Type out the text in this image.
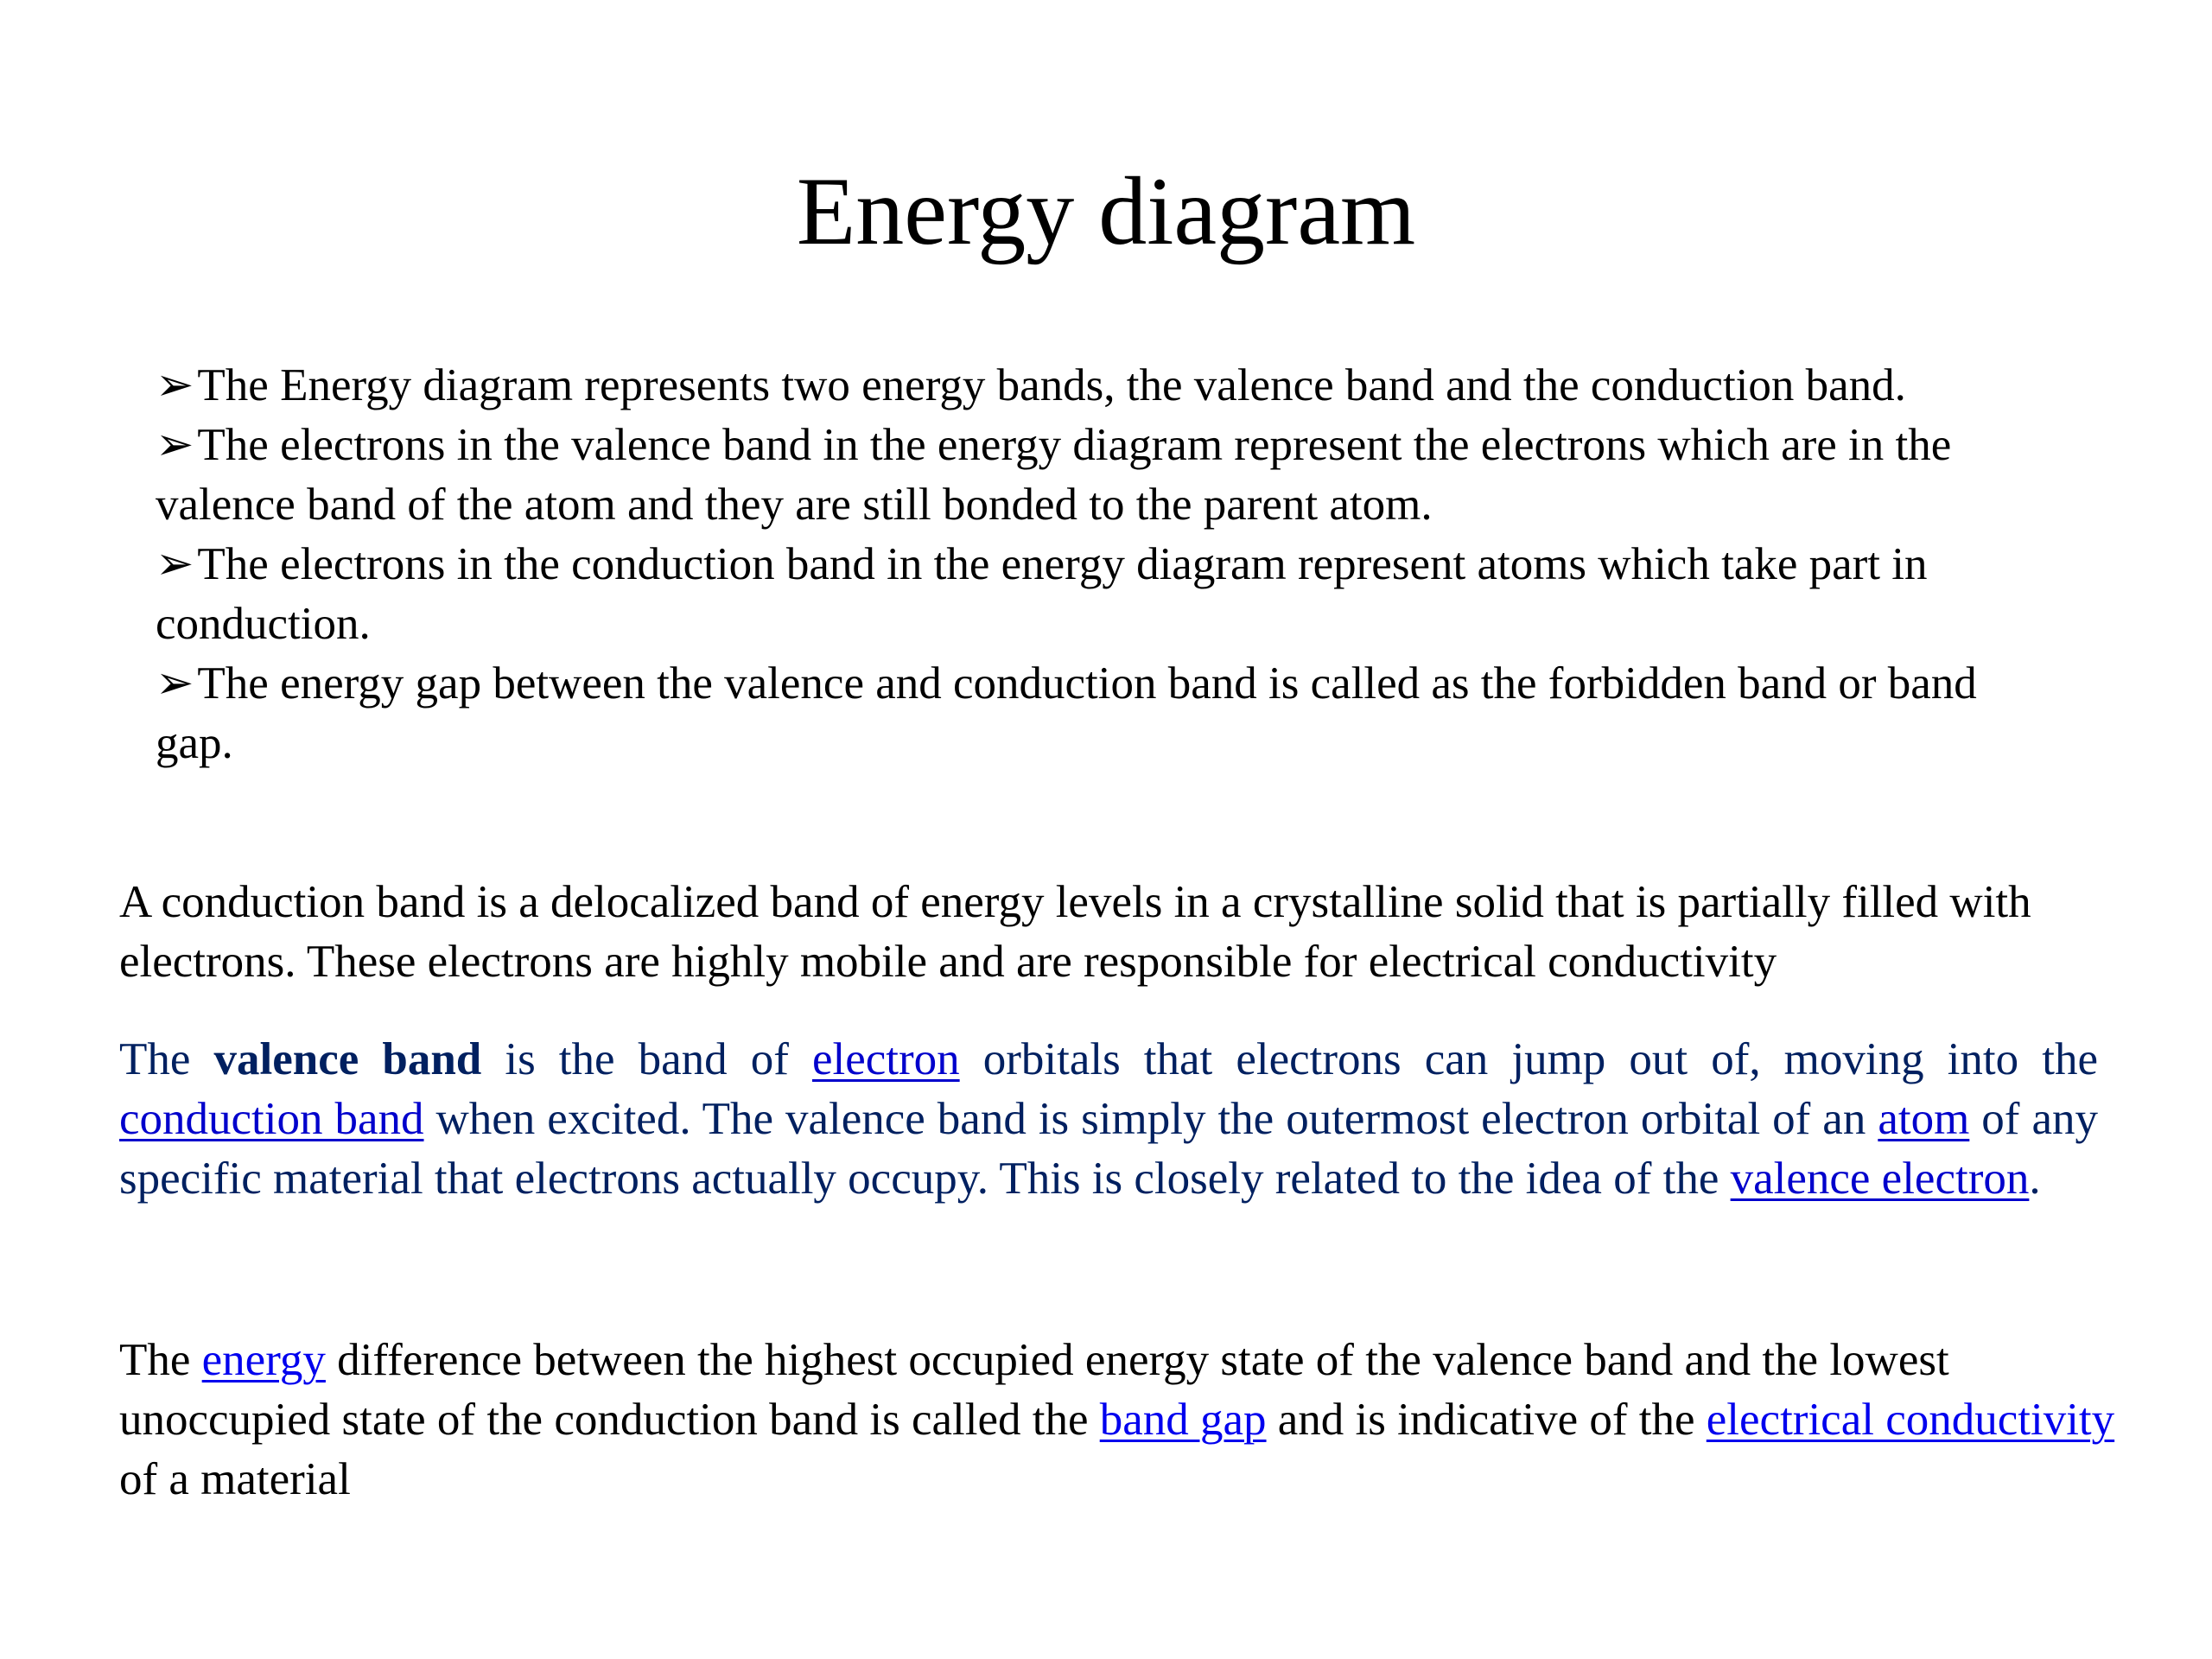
Energy diagram

➢The Energy diagram represents two energy bands, the valence band and the conduction band.

➢The electrons in the valence band in the energy diagram represent the electrons which are in the valence band of the atom and they are still bonded to the parent atom.

➢The electrons in the conduction band in the energy diagram represent atoms which take part in conduction.

➢The energy gap between the valence and conduction band is called as the forbidden band or band gap.

A conduction band is a delocalized band of energy levels in a crystalline solid that is partially filled with electrons. These electrons are highly mobile and are responsible for electrical conductivity

The valence band is the band of electron orbitals that electrons can jump out of, moving into the conduction band when excited. The valence band is simply the outermost electron orbital of an atom of any specific material that electrons actually occupy. This is closely related to the idea of the valence electron.

The energy difference between the highest occupied energy state of the valence band and the lowest unoccupied state of the conduction band is called the band gap and is indicative of the electrical conductivity of a material
